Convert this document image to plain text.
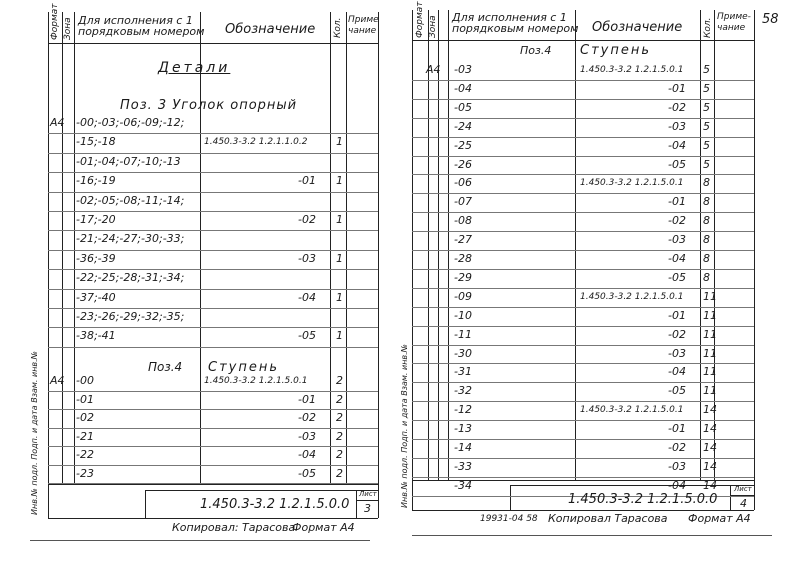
Формат Зона Для исполнения с 1
порядковым номером Обозначение Кол. Приме
чание
Детали
Поз. 3 Уголок опорный
А4 -00;-03;-06;-09;-12;
-15;-18	1.450.3-3.2 1.2.1.1.0.2	1
-01;-04;-07;-10;-13
-16;-19	-01 1
-02;-05;-08;-11;-14;
-17;-20	-02 1
-21;-24;-27;-30;-33;
-36;-39	-03 1
-22;-25;-28;-31;-34;
-37;-40	-04 1
-23;-26;-29;-32;-35;
-38;-41	-05 1
Поз.4 Ступень
А4 -00	1.450.3-3.2 1.2.1.5.0.1	2
-01	-01 2
-02	-02 2
-21	-03 2
-22	-04 2
-23	-05 2
1.450.3-3.2 1.2.1.5.0.0
Лист
3
Копировал: Тарасова
Формат А4
Инв.№ подл. Подп. и дата Взам. инв.№
Формат Зона Для исполнения с 1
порядковым номером Обозначение Кол.
Приме-
чание
58
Поз.4 Ступень
А4 -03	1.450.3-3.2 1.2.1.5.0.1 5
-04	-01 5
-05	-02 5
-24	-03 5
-25	-04 5
-26	-05 5
-06	1.450.3-3.2 1.2.1.5.0.1 8
-07	-01 8
-08	-02 8
-27	-03 8
-28	-04 8
-29	-05 8
-09	1.450.3-3.2 1.2.1.5.0.1 11
-10	-01 11
-11	-02 11
-30	-03 11
-31	-04 11
-32	-05 11
-12	1.450.3-3.2 1.2.1.5.0.1 14
-13	-01 14
-14	-02 14
-33	-03 14
-34	-04 14
1.450.3-3.2 1.2.1.5.0.0
Лист
4
19931-04 58 Копировал Тарасова Формат А4
Инв.№ подл. Подп. и дата Взам. инв.№
